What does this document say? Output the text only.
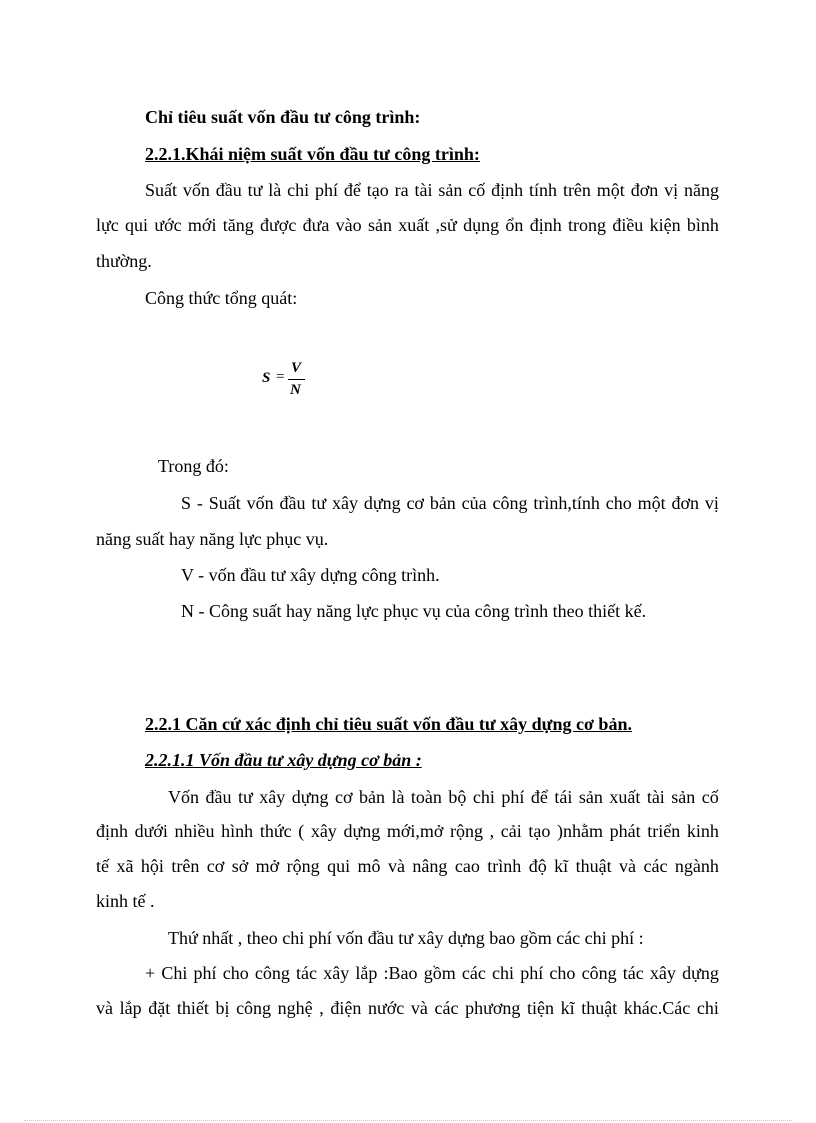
Chỉ tiêu suất vốn đầu tư công trình:
2.2.1.Khái niệm suất vốn đầu tư công trình:
Suất vốn đầu tư là chi phí để tạo ra tài sản cố định tính trên một đơn vị năng
lực qui ước mới tăng được đưa vào sản xuất ,sử dụng ổn định trong điều kiện bình
thường.
Công thức tổng quát:
S =
V
N
Trong đó:
S - Suất vốn đầu tư xây dựng cơ bản của công trình,tính cho một đơn vị
năng suất hay năng lực phục vụ.
V - vốn đầu tư xây dựng công trình.
N - Công suất hay năng lực phục vụ của công trình theo thiết kế.
2.2.1 Căn cứ xác định chỉ tiêu suất vốn đầu tư xây dựng cơ bản.
2.2.1.1 Vốn đầu tư xây dựng cơ bản :
Vốn đầu tư xây dựng cơ bản là toàn bộ chi phí để tái sản xuất tài sản cố
định dưới nhiều hình thức ( xây dựng mới,mở rộng , cải tạo )nhằm phát triển kinh
tế xã hội trên cơ sở mở rộng qui mô và nâng cao trình độ kĩ thuật và các ngành
kinh tế .
Thứ nhất , theo chi phí vốn đầu tư xây dựng bao gồm các chi phí :
+ Chi phí cho công tác xây lắp :Bao gồm các chi phí cho công tác xây dựng
và lắp đặt thiết bị công nghệ , điện nước và các phương tiện kĩ thuật khác.Các chi
